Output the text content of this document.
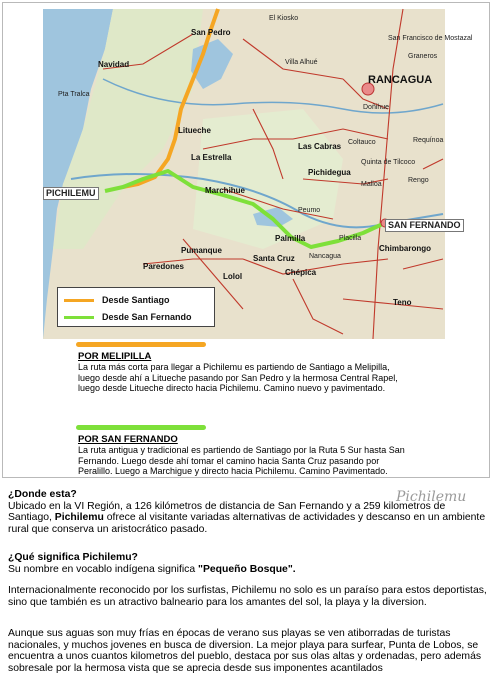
El Kiosko
San Pedro
San Francisco de Mostazal
Navidad	Villa Alhué
RANCAGUA
Graneros
Pta Tralca
Litueche
La Estrella
Las Cabras
Doñihue
Coltauco
Quinta de Tilcoco
Requínoa
Pichidegua
Rengo
PICHILEMU	Marchihue
Malloa
Peumo
Palmilla	Placilla
Nancagua
SAN FERNANDO
Pumanque
Santa Cruz
Chépica
Chimbarongo
Paredones
Lolol
Teno
Desde Santiago
Desde San Fernando
POR MELIPILLA
La ruta más corta para llegar a Pichilemu es partiendo de Santiago a Melipilla, luego desde ahí a Litueche pasando por San Pedro y la hermosa Central Rapel, luego desde Litueche directo hacia Pichilemu. Camino nuevo y pavimentado.
POR SAN FERNANDO
La ruta antigua y tradicional es partiendo de Santiago por la Ruta 5 Sur hasta San Fernando. Luego desde ahí tomar el camino hacia Santa Cruz pasando por Peralillo. Luego a Marchigue y directo hacia Pichilemu. Camino Pavimentado.
Pichilemu

¿Donde esta?

Ubicado en la VI Región, a 126 kilómetros de distancia de San Fernando y a 259 kilometros de Santiago, Pichilemu ofrece al visitante variadas alternativas de actividades y descanso en un ambiente rural que conserva un aristocrático pasado.

¿Qué significa Pichilemu?

Su nombre en vocablo indígena significa "Pequeño Bosque".

Internacionalmente reconocido por los surfistas, Pichilemu no solo es un paraíso para estos deportistas, sino que también es un atractivo balneario para los amantes del sol, la playa y la diversion.
Aunque sus aguas son muy frías en épocas de verano sus playas se ven atiborradas de turistas nacionales, y muchos jovenes en busca de diversion. La mejor playa para surfear, Punta de Lobos, se encuentra a unos cuantos kilometros del pueblo, destaca por sus olas altas y ordenadas, pero además sobresale por la hermosa vista que se aprecia desde sus imponentes acantilados
